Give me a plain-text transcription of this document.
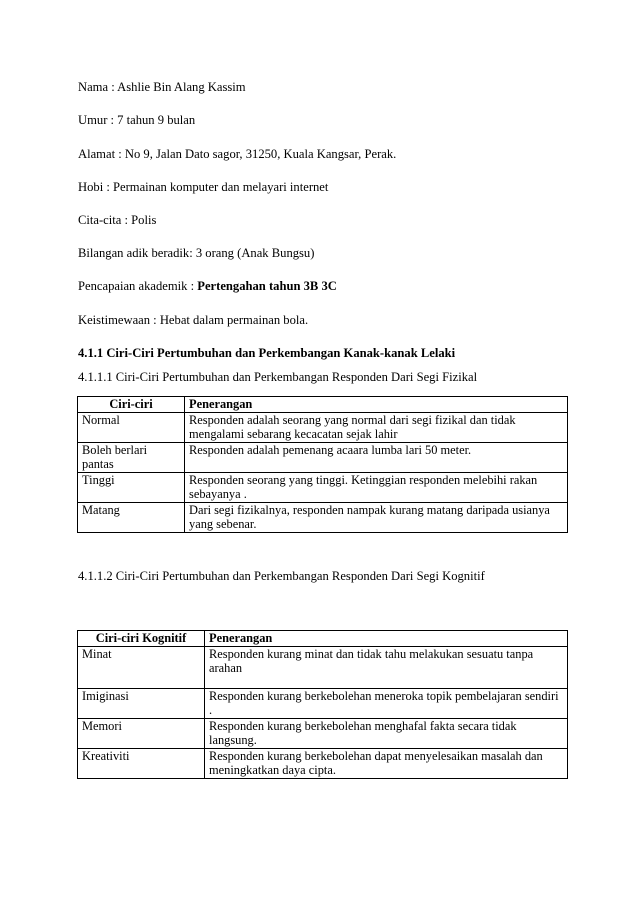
Nama : Ashlie Bin Alang Kassim
Umur : 7 tahun 9 bulan
Alamat : No 9, Jalan Dato sagor, 31250, Kuala Kangsar, Perak.
Hobi : Permainan komputer dan melayari internet
Cita-cita : Polis
Bilangan adik beradik: 3 orang (Anak Bungsu)
Pencapaian akademik : Pertengahan tahun 3B 3C
Keistimewaan : Hebat dalam permainan bola.
4.1.1 Ciri-Ciri Pertumbuhan dan Perkembangan Kanak-kanak Lelaki
4.1.1.1 Ciri-Ciri Pertumbuhan dan Perkembangan Responden Dari Segi Fizikal
Ciri-ciri	Penerangan
Normal	Responden adalah seorang yang normal dari segi fizikal dan tidak mengalami sebarang kecacatan sejak lahir
Boleh berlari pantas	Responden adalah pemenang acaara lumba lari 50 meter.
Tinggi	Responden seorang yang tinggi. Ketinggian responden melebihi rakan sebayanya .
Matang	Dari segi fizikalnya, responden nampak kurang matang daripada usianya yang sebenar.
4.1.1.2 Ciri-Ciri Pertumbuhan dan Perkembangan Responden Dari Segi Kognitif
Ciri-ciri Kognitif	Penerangan
Minat	Responden kurang minat dan tidak tahu melakukan sesuatu tanpa arahan
Imiginasi	Responden kurang berkebolehan meneroka topik pembelajaran sendiri .
Memori	Responden kurang berkebolehan menghafal fakta secara tidak langsung.
Kreativiti	Responden kurang berkebolehan dapat menyelesaikan masalah dan meningkatkan daya cipta.
